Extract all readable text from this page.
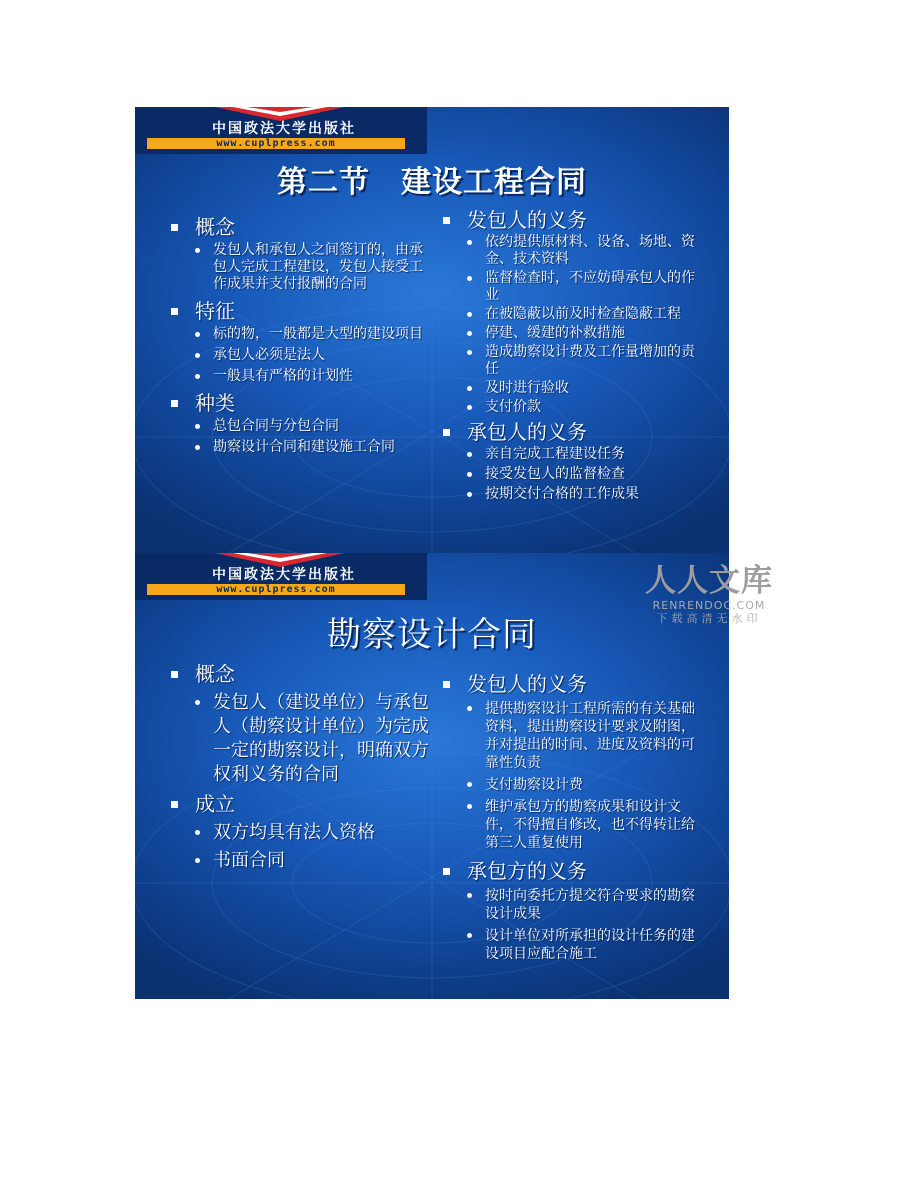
中国政法大学出版社
www.cuplpress.com
第二节　建设工程合同
概念
发包人和承包人之间签订的，由承包人完成工程建设，发包人接受工作成果并支付报酬的合同
特征
标的物，一般都是大型的建设项目
承包人必须是法人
一般具有严格的计划性
种类
总包合同与分包合同
勘察设计合同和建设施工合同
发包人的义务
依约提供原材料、设备、场地、资金、技术资料
监督检查时，不应妨碍承包人的作业
在被隐蔽以前及时检查隐蔽工程
停建、缓建的补救措施
造成勘察设计费及工作量增加的责任
及时进行验收
支付价款
承包人的义务
亲自完成工程建设任务
接受发包人的监督检查
按期交付合格的工作成果
中国政法大学出版社
www.cuplpress.com
勘察设计合同
概念
发包人（建设单位）与承包人（勘察设计单位）为完成一定的勘察设计，明确双方权利义务的合同
成立
双方均具有法人资格
书面合同
发包人的义务
提供勘察设计工程所需的有关基础资料，提出勘察设计要求及附图，并对提出的时间、进度及资料的可靠性负责
支付勘察设计费
维护承包方的勘察成果和设计文件，不得擅自修改，也不得转让给第三人重复使用
承包方的义务
按时向委托方提交符合要求的勘察设计成果
设计单位对所承担的设计任务的建设项目应配合施工
人人文库
RENRENDOC.COM
下载高清无水印
